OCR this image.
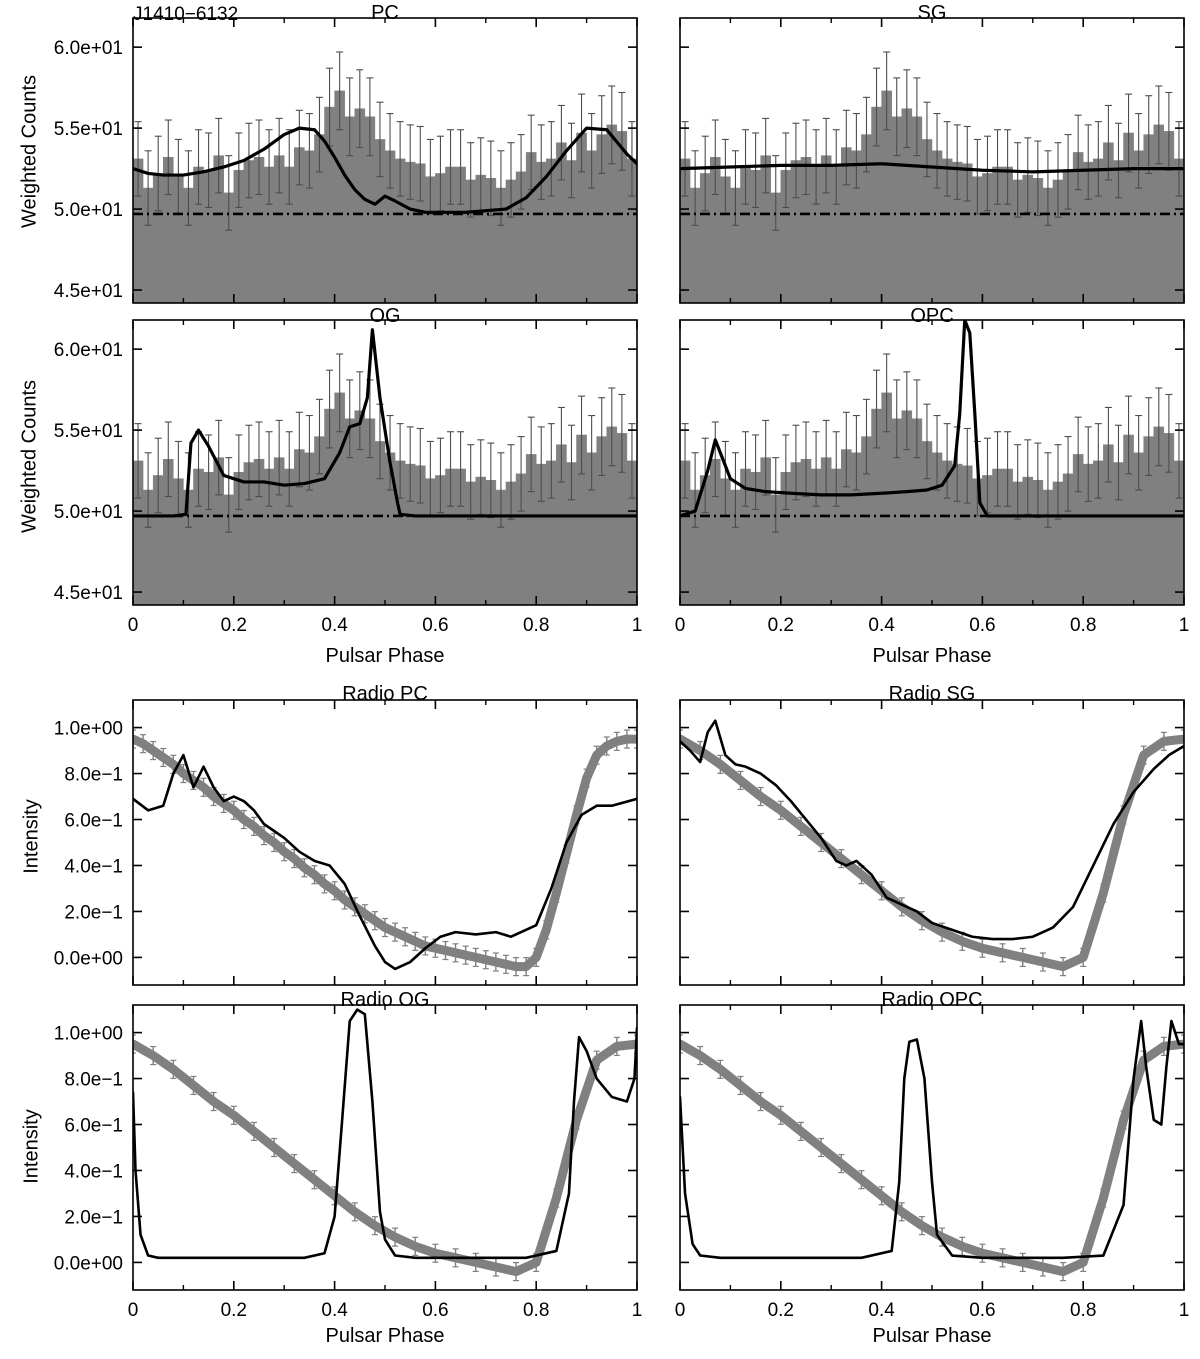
J1410−6132	PC	SG
OG	OPC
Radio PC	Radio SG
Radio OG	Radio OPC
Weighted Counts
Weighted Counts
Intensity
Intensity
Pulsar Phase	Pulsar Phase
Pulsar Phase	Pulsar Phase
4.5e+01
5.0e+01
5.5e+01
6.0e+01
0	0.2	0.4	0.6	0.8	1
4.5e+01
5.0e+01
5.5e+01
6.0e+01
0	0.2	0.4	0.6	0.8	1
0.0e+00
2.0e−1
4.0e−1
6.0e−1
8.0e−1
1.0e+00
0	0.2	0.4	0.6	0.8	1
0.0e+00
2.0e−1
4.0e−1
6.0e−1
8.0e−1
1.0e+00
0	0.2	0.4	0.6	0.8	1
